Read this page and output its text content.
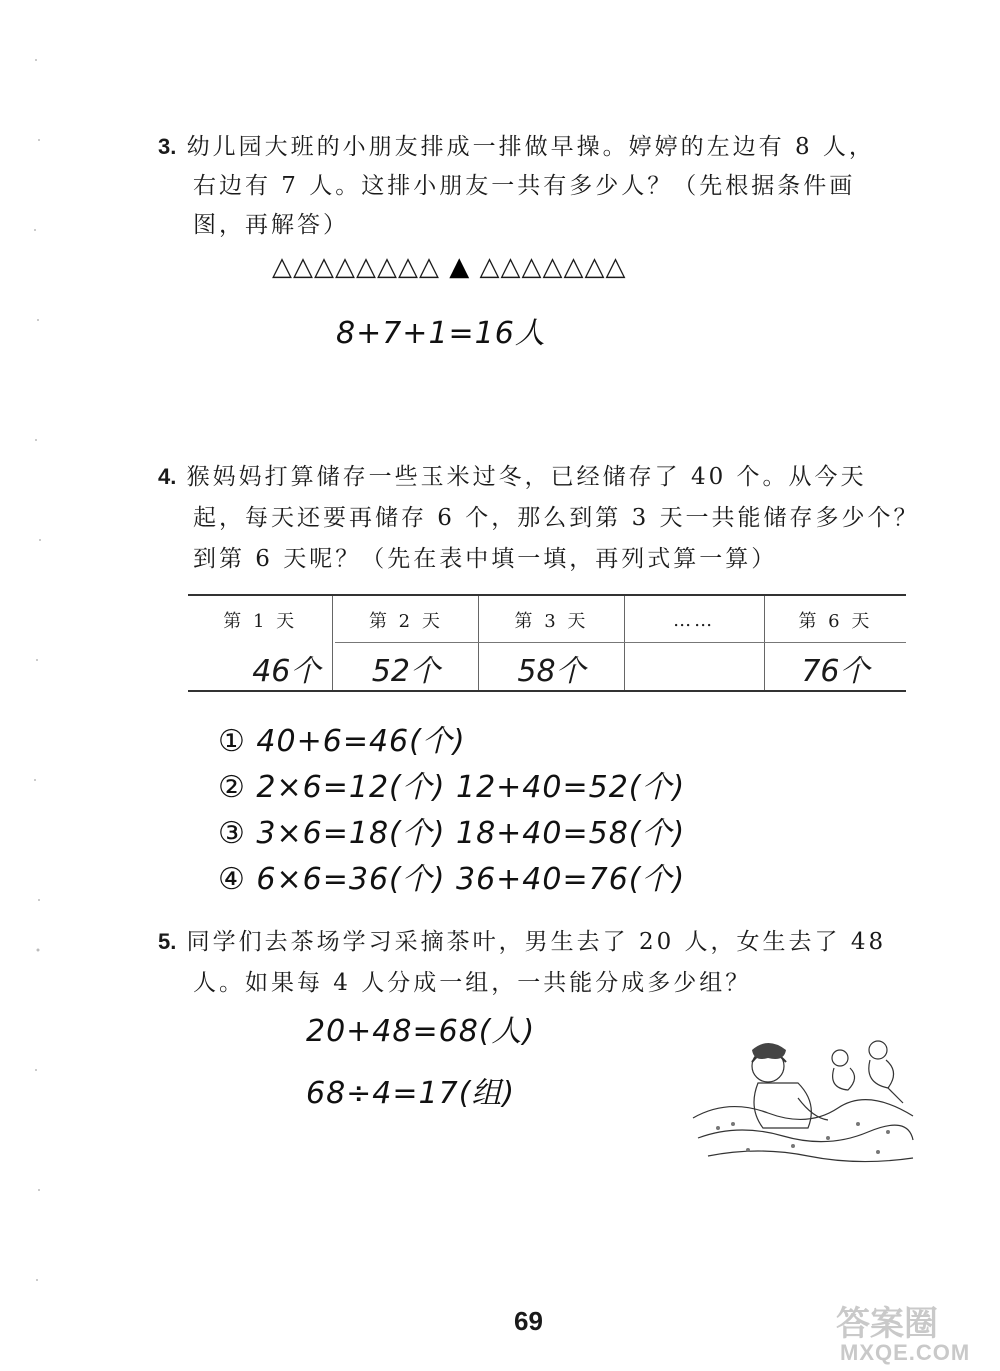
3. 幼儿园大班的小朋友排成一排做早操。婷婷的左边有 8 人，
右边有 7 人。这排小朋友一共有多少人？（先根据条件画
图，再解答）
△△△△△△△△ ▲ △△△△△△△
8+7+1=16人
4. 猴妈妈打算储存一些玉米过冬，已经储存了 40 个。从今天
起，每天还要再储存 6 个，那么到第 3 天一共能储存多少个？
到第 6 天呢？（先在表中填一填，再列式算一算）
第 1 天	第 2 天	第 3 天	……	第 6 天
46个	52个	58个		76个
① 40+6=46(个)
② 2×6=12(个) 12+40=52(个)
③ 3×6=18(个) 18+40=58(个)
④ 6×6=36(个) 36+40=76(个)
5. 同学们去茶场学习采摘茶叶，男生去了 20 人，女生去了 48
人。如果每 4 人分成一组，一共能分成多少组？
20+48=68(人)
68÷4=17(组)
69	答案圈
MXQE.COM
